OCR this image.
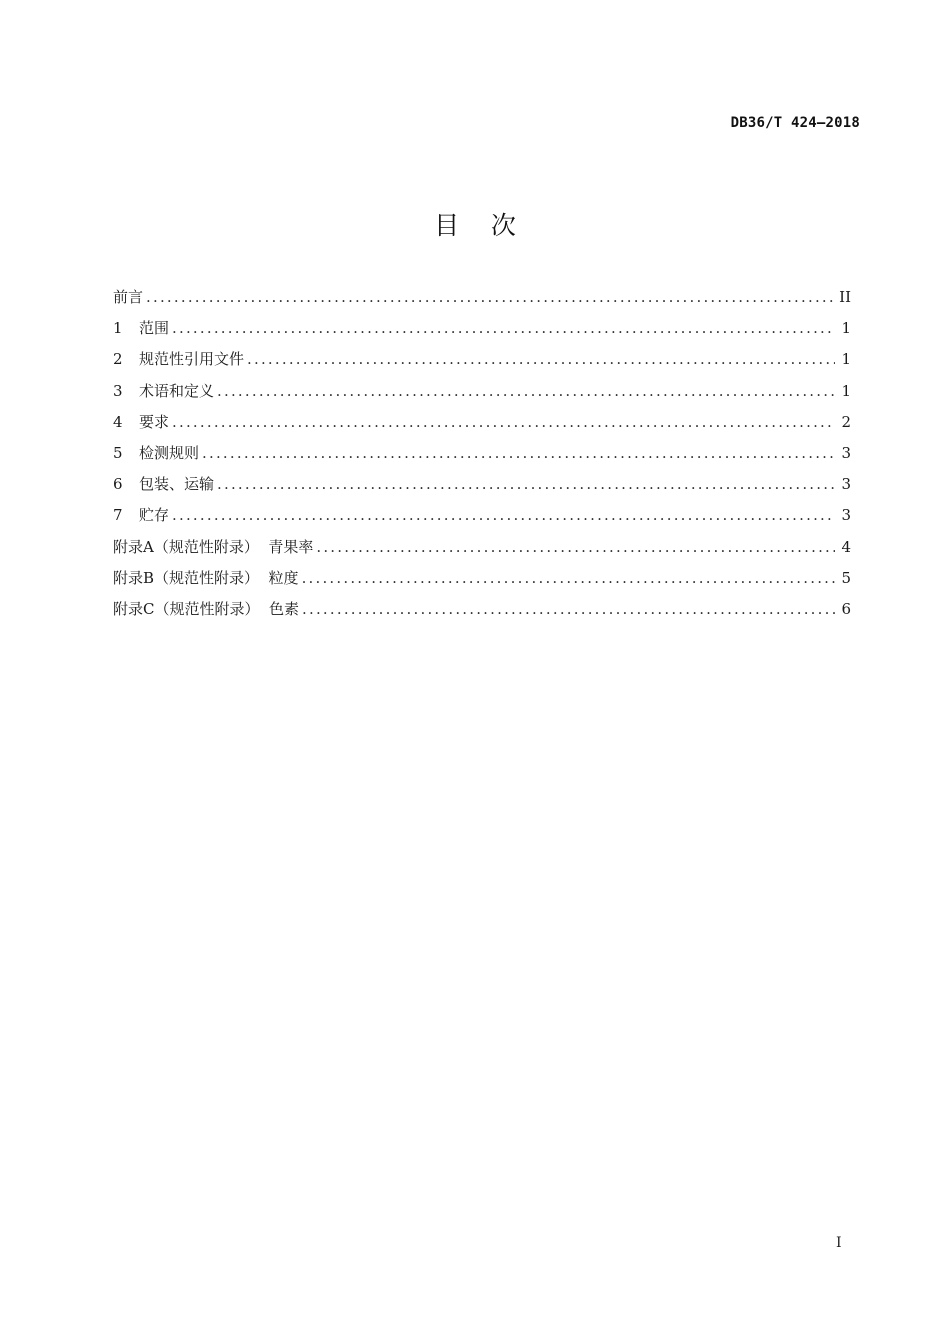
DB36/T 424—2018
目    次
前言 .....	II
1	范围 .....	1
2	规范性引用文件 .....	1
3	术语和定义 .....	1
4	要求 .....	2
5	检测规则 .....	3
6	包装、运输 .....	3
7	贮存 .....	3
附录A（规范性附录）  青果率 .....	4
附录B（规范性附录）  粒度 .....	5
附录C（规范性附录）  色素 .....	6
I
